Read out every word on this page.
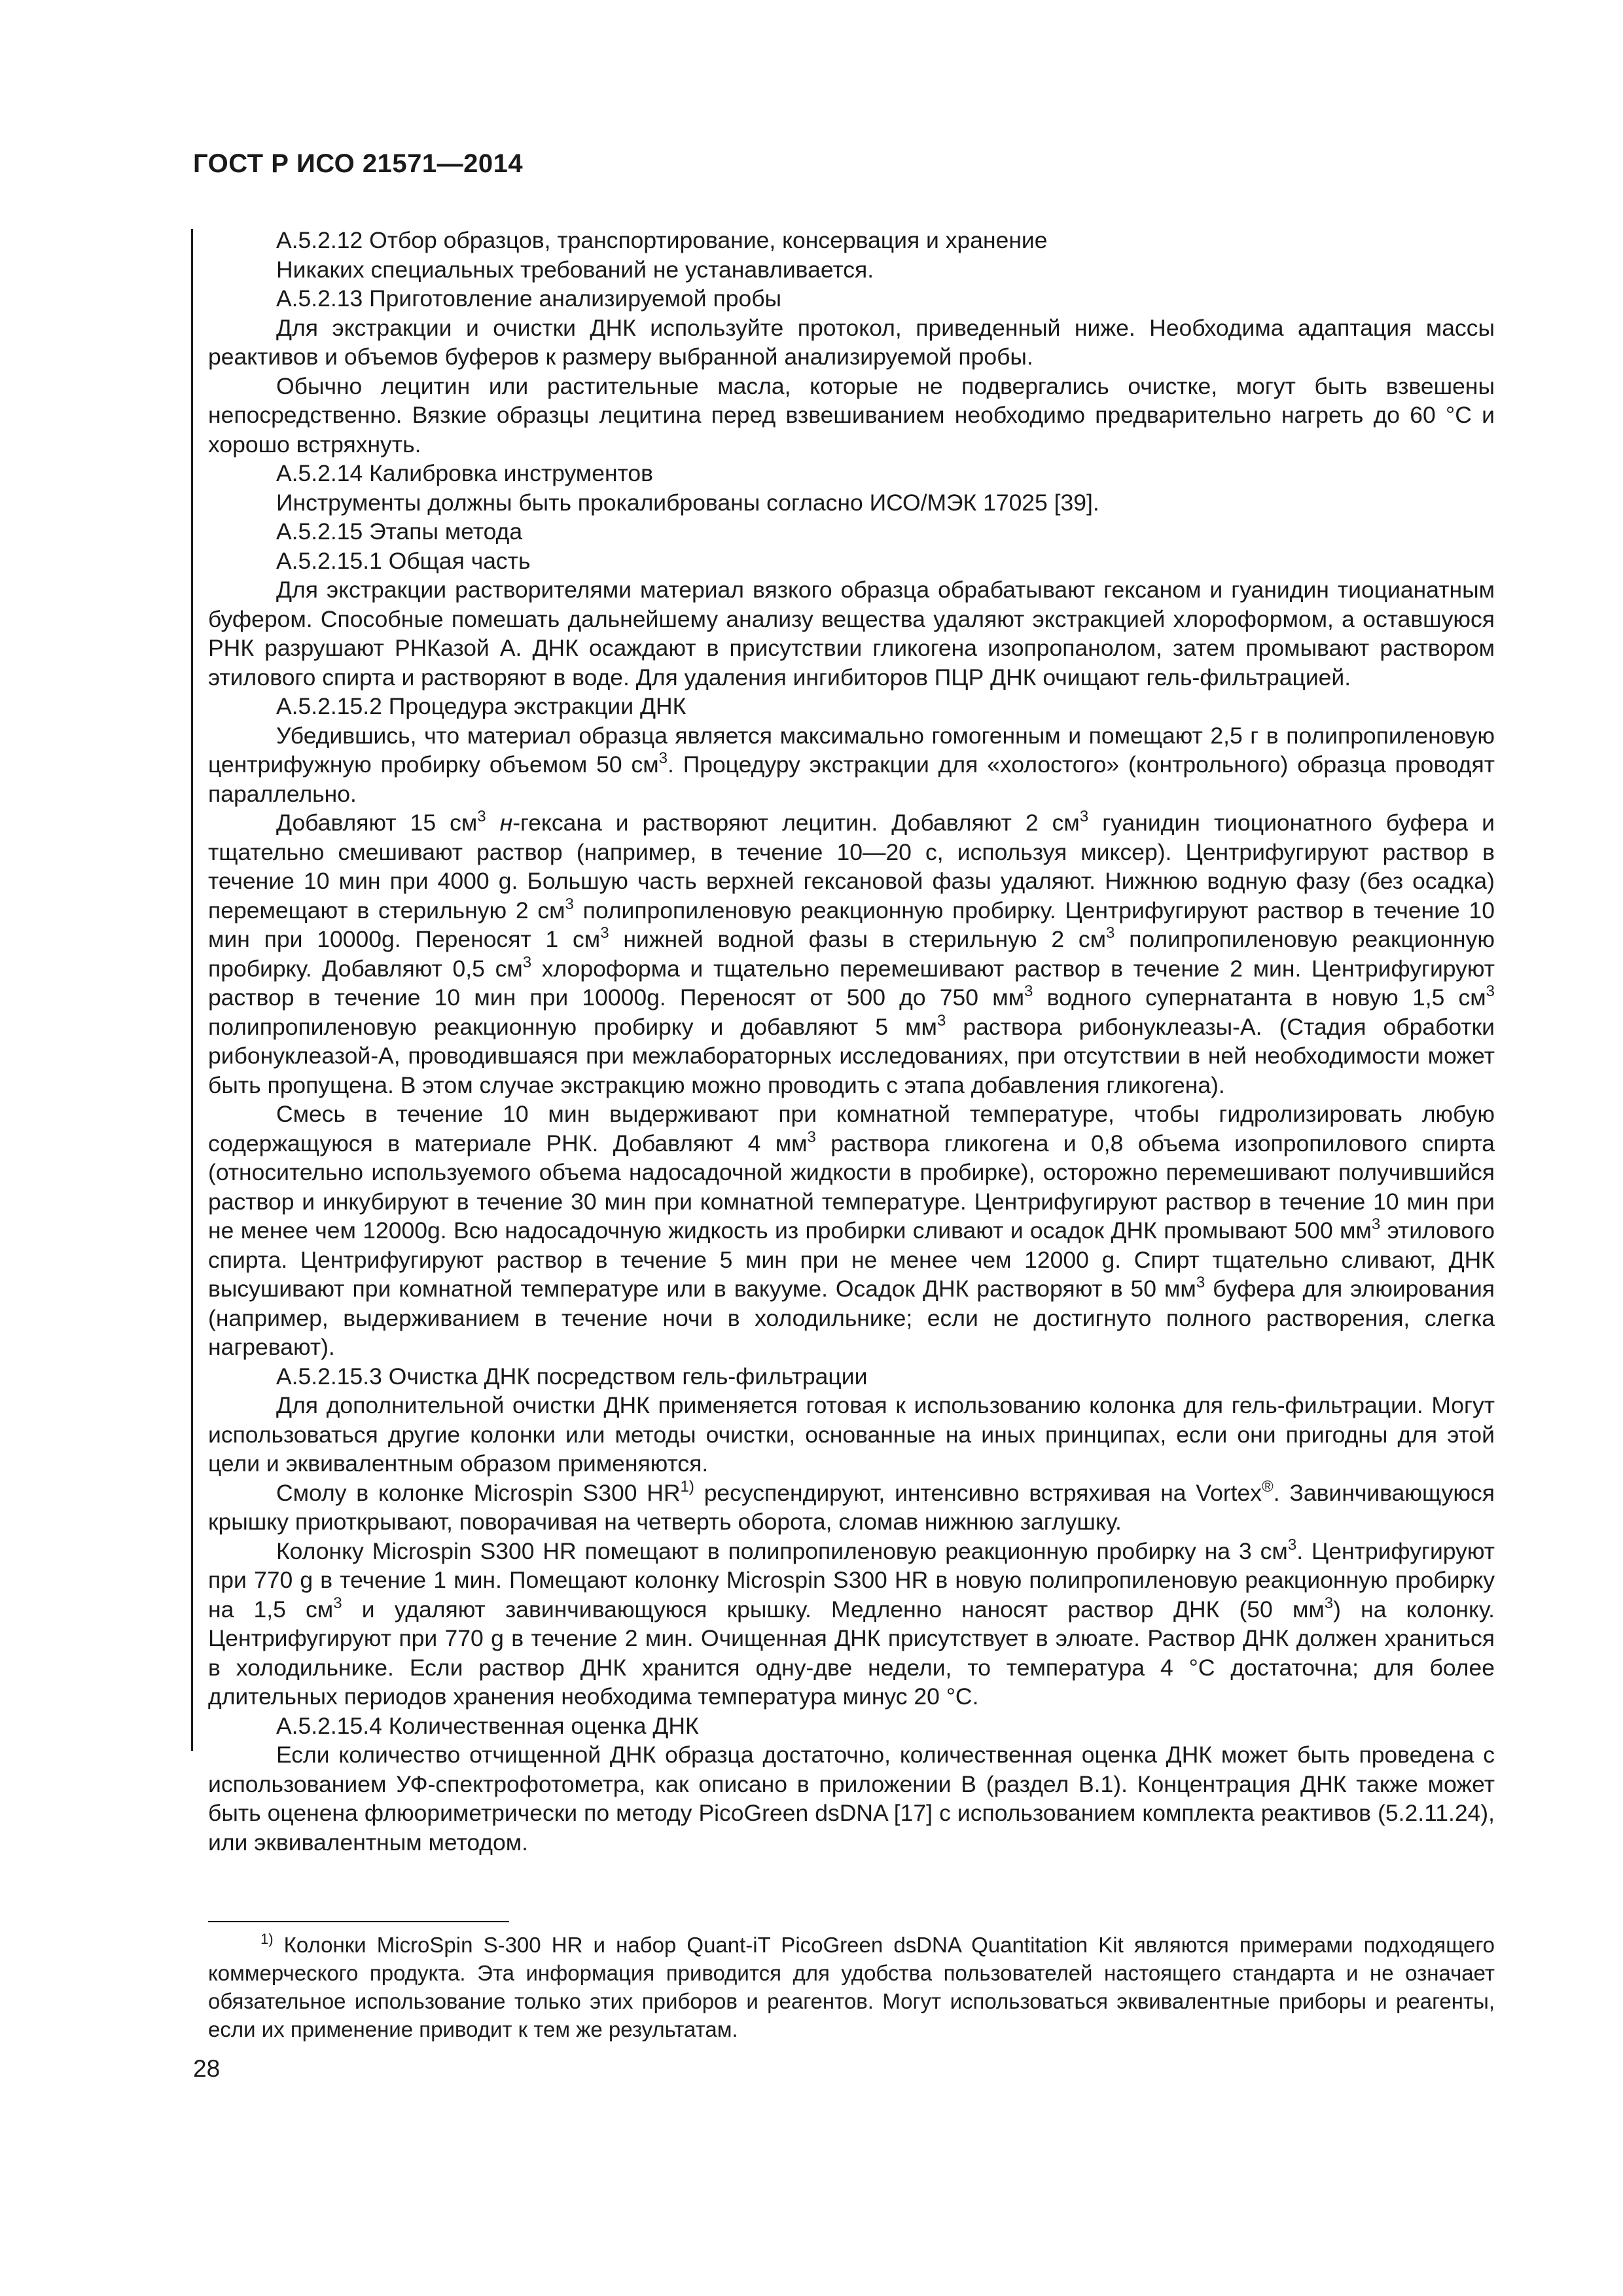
ГОСТ Р ИСО 21571—2014

А.5.2.12 Отбор образцов, транспортирование, консервация и хранение

Никаких специальных требований не устанавливается.

А.5.2.13 Приготовление анализируемой пробы

Для экстракции и очистки ДНК используйте протокол, приведенный ниже. Необходима адаптация массы реактивов и объемов буферов к размеру выбранной анализируемой пробы.

Обычно лецитин или растительные масла, которые не подвергались очистке, могут быть взвешены непосредственно. Вязкие образцы лецитина перед взвешиванием необходимо предварительно нагреть до 60 °С и хорошо встряхнуть.

А.5.2.14 Калибровка инструментов

Инструменты должны быть прокалиброваны согласно ИСО/МЭК 17025 [39].

А.5.2.15 Этапы метода

А.5.2.15.1 Общая часть

Для экстракции растворителями материал вязкого образца обрабатывают гексаном и гуанидин тиоцианатным буфером. Способные помешать дальнейшему анализу вещества удаляют экстракцией хлороформом, а оставшуюся РНК разрушают РНКазой А. ДНК осаждают в присутствии гликогена изопропанолом, затем промывают раствором этилового спирта и растворяют в воде. Для удаления ингибиторов ПЦР ДНК очищают гель-фильтрацией.

А.5.2.15.2 Процедура экстракции ДНК

Убедившись, что материал образца является максимально гомогенным и помещают 2,5 г в полипропиленовую центрифужную пробирку объемом 50 $см^3$. Процедуру экстракции для «холостого» (контрольного) образца проводят параллельно.

Добавляют 15 $см^3$ н-гексана и растворяют лецитин. Добавляют 2 $см^3$ гуанидин тиоционатного буфера и тщательно смешивают раствор (например, в течение 10—20 с, используя миксер). Центрифугируют раствор в течение 10 мин при 4000 g. Большую часть верхней гексановой фазы удаляют. Нижнюю водную фазу (без осадка) перемещают в стерильную 2 $см^3$ полипропиленовую реакционную пробирку. Центрифугируют раствор в течение 10 мин при 10000g. Переносят 1 $см^3$ нижней водной фазы в стерильную 2 $см^3$ полипропиленовую реакционную пробирку. Добавляют 0,5 $см^3$ хлороформа и тщательно перемешивают раствор в течение 2 мин. Центрифугируют раствор в течение 10 мин при 10000g. Переносят от 500 до 750 $мм^3$ водного супернатанта в новую 1,5 $см^3$ полипропиленовую реакционную пробирку и добавляют 5 $мм^3$ раствора рибонуклеазы-А. (Стадия обработки рибонуклеазой-А, проводившаяся при межлабораторных исследованиях, при отсутствии в ней необходимости может быть пропущена. В этом случае экстракцию можно проводить с этапа добавления гликогена).

Смесь в течение 10 мин выдерживают при комнатной температуре, чтобы гидролизировать любую содержащуюся в материале РНК. Добавляют 4 $мм^3$ раствора гликогена и 0,8 объема изопропилового спирта (относительно используемого объема надосадочной жидкости в пробирке), осторожно перемешивают получившийся раствор и инкубируют в течение 30 мин при комнатной температуре. Центрифугируют раствор в течение 10 мин при не менее чем 12000g. Всю надосадочную жидкость из пробирки сливают и осадок ДНК промывают 500 $мм^3$ этилового спирта. Центрифугируют раствор в течение 5 мин при не менее чем 12000 g. Спирт тщательно сливают, ДНК высушивают при комнатной температуре или в вакууме. Осадок ДНК растворяют в 50 $мм^3$ буфера для элюирования (например, выдерживанием в течение ночи в холодильнике; если не достигнуто полного растворения, слегка нагревают).

А.5.2.15.3 Очистка ДНК посредством гель-фильтрации

Для дополнительной очистки ДНК применяется готовая к использованию колонка для гель-фильтрации. Могут использоваться другие колонки или методы очистки, основанные на иных принципах, если они пригодны для этой цели и эквивалентным образом применяются.

Смолу в колонке Microspin S300 HR$^{1)}$ ресуспендируют, интенсивно встряхивая на Vortex®. Завинчивающуюся крышку приоткрывают, поворачивая на четверть оборота, сломав нижнюю заглушку.

Колонку Microspin S300 HR помещают в полипропиленовую реакционную пробирку на 3 $см^3$. Центрифугируют при 770 g в течение 1 мин. Помещают колонку Microspin S300 HR в новую полипропиленовую реакционную пробирку на 1,5 $см^3$ и удаляют завинчивающуюся крышку. Медленно наносят раствор ДНК (50 $мм^3$) на колонку. Центрифугируют при 770 g в течение 2 мин. Очищенная ДНК присутствует в элюате. Раствор ДНК должен храниться в холодильнике. Если раствор ДНК хранится одну-две недели, то температура 4 °С достаточна; для более длительных периодов хранения необходима температура минус 20 °С.

А.5.2.15.4 Количественная оценка ДНК

Если количество отчищенной ДНК образца достаточно, количественная оценка ДНК может быть проведена с использованием УФ-спектрофотометра, как описано в приложении В (раздел В.1). Концентрация ДНК также может быть оценена флюориметрически по методу PicoGreen dsDNA [17] с использованием комплекта реактивов (5.2.11.24), или эквивалентным методом.

$^{1)}$ Колонки MicroSpin S-300 HR и набор Quant-iT PicoGreen dsDNA Quantitation Kit являются примерами подходящего коммерческого продукта. Эта информация приводится для удобства пользователей настоящего стандарта и не означает обязательное использование только этих приборов и реагентов. Могут использоваться эквивалентные приборы и реагенты, если их применение приводит к тем же результатам.

28
